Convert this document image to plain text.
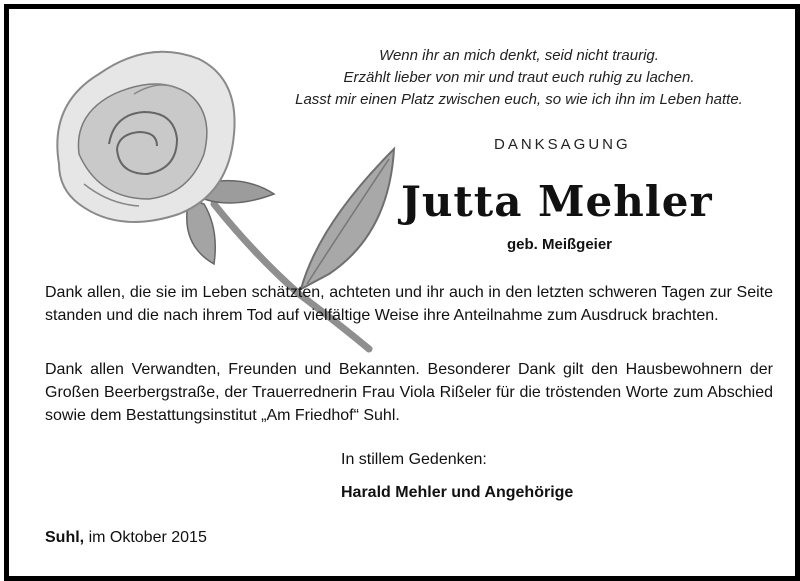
Wenn ihr an mich denkt, seid nicht traurig.
Erzählt lieber von mir und traut euch ruhig zu lachen.
Lasst mir einen Platz zwischen euch, so wie ich ihn im Leben hatte.
DANKSAGUNG
Jutta Mehler
geb. Meißgeier
Dank allen, die sie im Leben schätzten, achteten und ihr auch in den letzten schweren Tagen zur Seite standen und die nach ihrem Tod auf vielfältige Weise ihre Anteilnahme zum Ausdruck brachten.
Dank allen Verwandten, Freunden und Bekannten. Besonderer Dank gilt den Hausbewohnern der Großen Beerbergstraße, der Trauerrednerin Frau Viola Rißeler für die tröstenden Worte zum Abschied sowie dem Bestattungsinstitut „Am Friedhof“ Suhl.
In stillem Gedenken:
Harald Mehler und Angehörige
Suhl, im Oktober 2015
